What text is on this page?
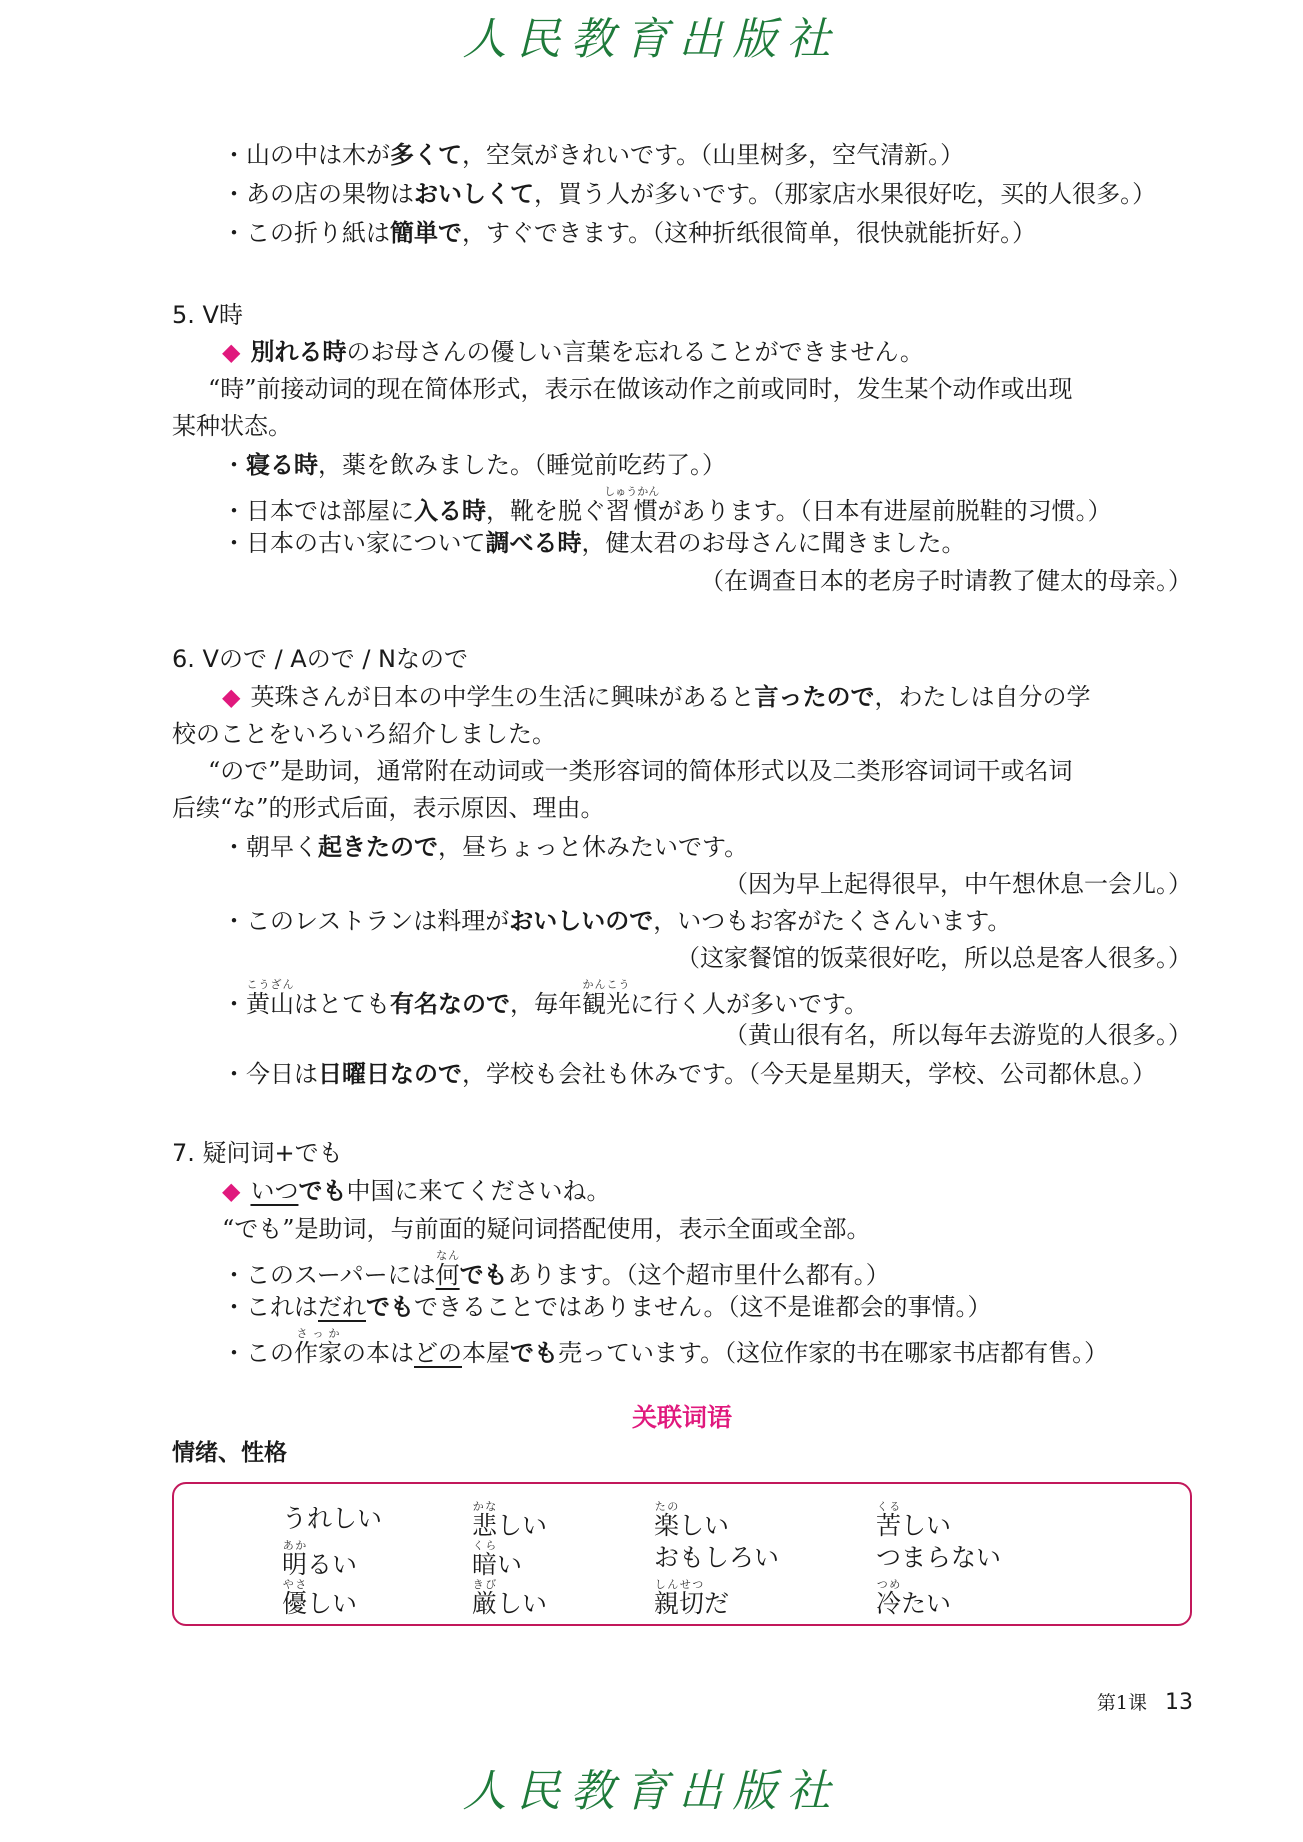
人民教育出版社
・山の中は木が多くて，空気がきれいです。（山里树多，空气清新。）
・あの店の果物はおいしくて，買う人が多いです。（那家店水果很好吃，买的人很多。）
・この折り紙は簡単で，すぐできます。（这种折纸很简单，很快就能折好。）
5. V時
◆ 別れる時のお母さんの優しい言葉を忘れることができません。
“時”前接动词的现在简体形式，表示在做该动作之前或同时，发生某个动作或出现
某种状态。
・寝る時，薬を飲みました。（睡觉前吃药了。）
・日本では部屋に入る時，靴を脱ぐ習慣しゅうかんがあります。（日本有进屋前脱鞋的习惯。）
・日本の古い家について調べる時，健太君のお母さんに聞きました。
（在调查日本的老房子时请教了健太的母亲。）
6. Vので / Aので / Nなので
◆ 英珠さんが日本の中学生の生活に興味があると言ったので，わたしは自分の学
校のことをいろいろ紹介しました。
“ので”是助词，通常附在动词或一类形容词的简体形式以及二类形容词词干或名词
后续“な”的形式后面，表示原因、理由。
・朝早く起きたので，昼ちょっと休みたいです。
（因为早上起得很早，中午想休息一会儿。）
・このレストランは料理がおいしいので，いつもお客がたくさんいます。
（这家餐馆的饭菜很好吃，所以总是客人很多。）
・黄山こうざんはとても有名なので，毎年観光かんこうに行く人が多いです。
（黄山很有名，所以每年去游览的人很多。）
・今日は日曜日なので，学校も会社も休みです。（今天是星期天，学校、公司都休息。）
7. 疑问词+でも
◆ いつでも中国に来てくださいね。
“でも”是助词，与前面的疑问词搭配使用，表示全面或全部。
・このスーパーには何なんでもあります。（这个超市里什么都有。）
・これはだれでもできることではありません。（这不是谁都会的事情。）
・この作家さっかの本はどの本屋でも売っています。（这位作家的书在哪家书店都有售。）
关联词语
情绪、性格
うれしい	悲かなしい	楽たのしい	苦くるしい
明あかるい	暗くらい	おもしろい	つまらない
優やさしい	厳きびしい	親切しんせつだ	冷つめたい
第1课 13
人民教育出版社
